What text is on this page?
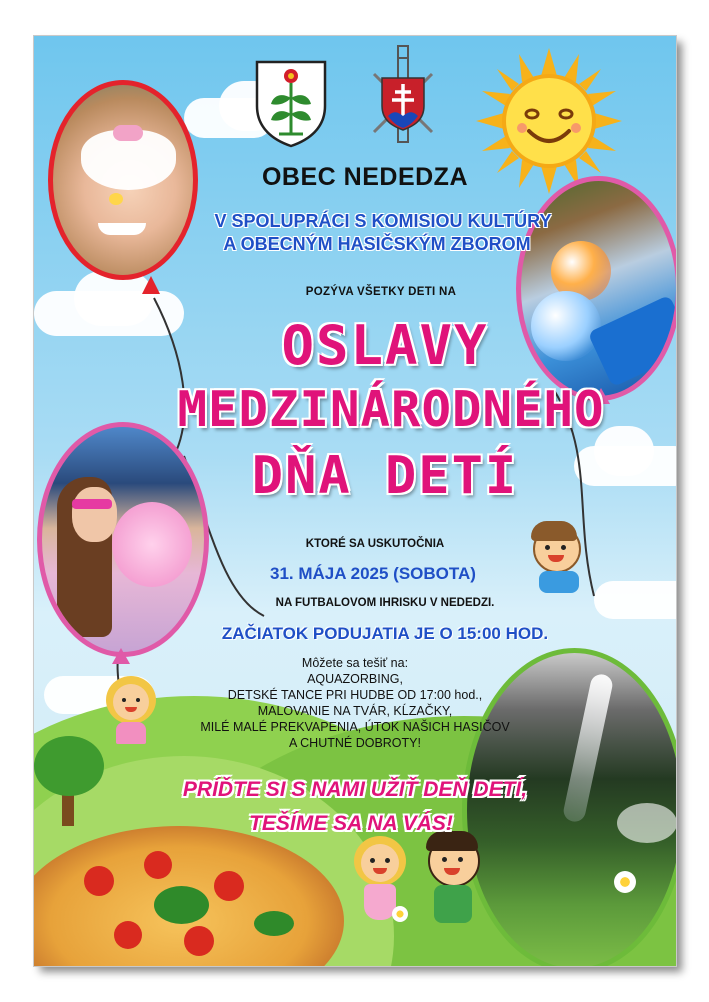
OBEC NEDEDZA
V SPOLUPRÁCI S KOMISIOU KULTÚRY
A OBECNÝM HASIČSKÝM ZBOROM
POZÝVA VŠETKY DETI NA
OSLAVY
MEDZINÁRODNÉHO
DŇA DETÍ
KTORÉ SA USKUTOČNIA
31. MÁJA 2025 (SOBOTA)
NA FUTBALOVOM IHRISKU V NEDEDZI.
ZAČIATOK PODUJATIA JE O 15:00 HOD.
Môžete sa tešiť na:
AQUAZORBING,
DETSKÉ TANCE PRI HUDBE OD 17:00 hod.,
MALOVANIE NA TVÁR, KĹZAČKY,
MILÉ MALÉ PREKVAPENIA, ÚTOK NAŠICH HASIČOV
A CHUTNÉ DOBROTY!
PRÍĎTE SI S NAMI UŽIŤ DEŇ DETÍ,
TEŠÍME SA NA VÁS!
